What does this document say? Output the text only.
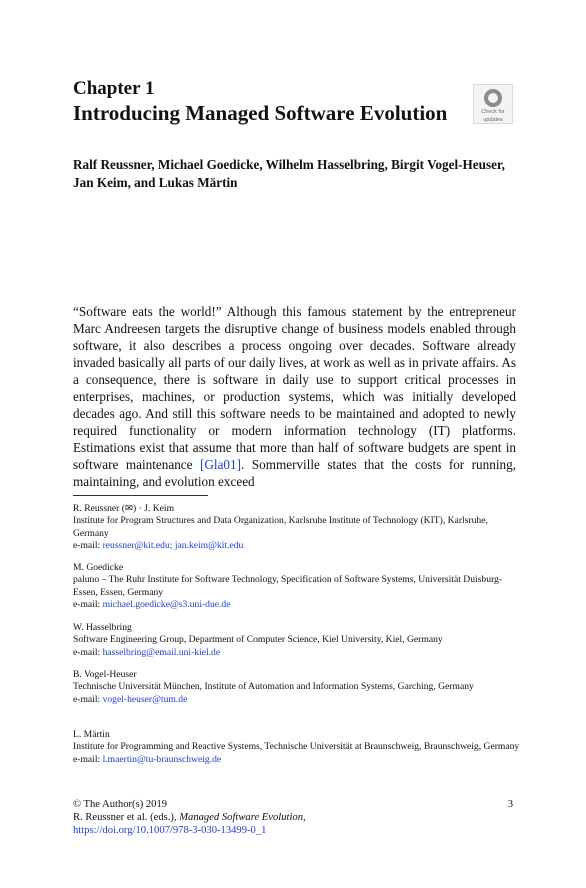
Chapter 1
Introducing Managed Software Evolution	Check for
updates
Ralf Reussner, Michael Goedicke, Wilhelm Hasselbring, Birgit Vogel-Heuser,
Jan Keim, and Lukas Märtin
“Software eats the world!” Although this famous statement by the entrepreneur Marc Andreesen targets the disruptive change of business models enabled through software, it also describes a process ongoing over decades. Software already invaded basically all parts of our daily lives, at work as well as in private affairs. As a consequence, there is software in daily use to support critical processes in enterprises, machines, or production systems, which was initially developed decades ago. And still this software needs to be maintained and adopted to newly required functionality or modern information technology (IT) platforms. Estimations exist that assume that more than half of software budgets are spent in software maintenance [Gla01]. Sommerville states that the costs for running, maintaining, and evolution exceed
R. Reussner (✉) · J. Keim
Institute for Program Structures and Data Organization, Karlsruhe Institute of Technology (KIT), Karlsruhe, Germany
e-mail: reussner@kit.edu; jan.keim@kit.edu
M. Goedicke
paluno – The Ruhr Institute for Software Technology, Specification of Software Systems, Universität Duisburg-Essen, Essen, Germany
e-mail: michael.goedicke@s3.uni-due.de
W. Hasselbring
Software Engineering Group, Department of Computer Science, Kiel University, Kiel, Germany
e-mail: hasselbring@email.uni-kiel.de
B. Vogel-Heuser
Technische Universität München, Institute of Automation and Information Systems, Garching, Germany
e-mail: vogel-heuser@tum.de
L. Märtin
Institute for Programming and Reactive Systems, Technische Universität at Braunschweig, Braunschweig, Germany
e-mail: l.maertin@tu-braunschweig.de
© The Author(s) 2019
R. Reussner et al. (eds.), Managed Software Evolution,
https://doi.org/10.1007/978-3-030-13499-0_1
3
